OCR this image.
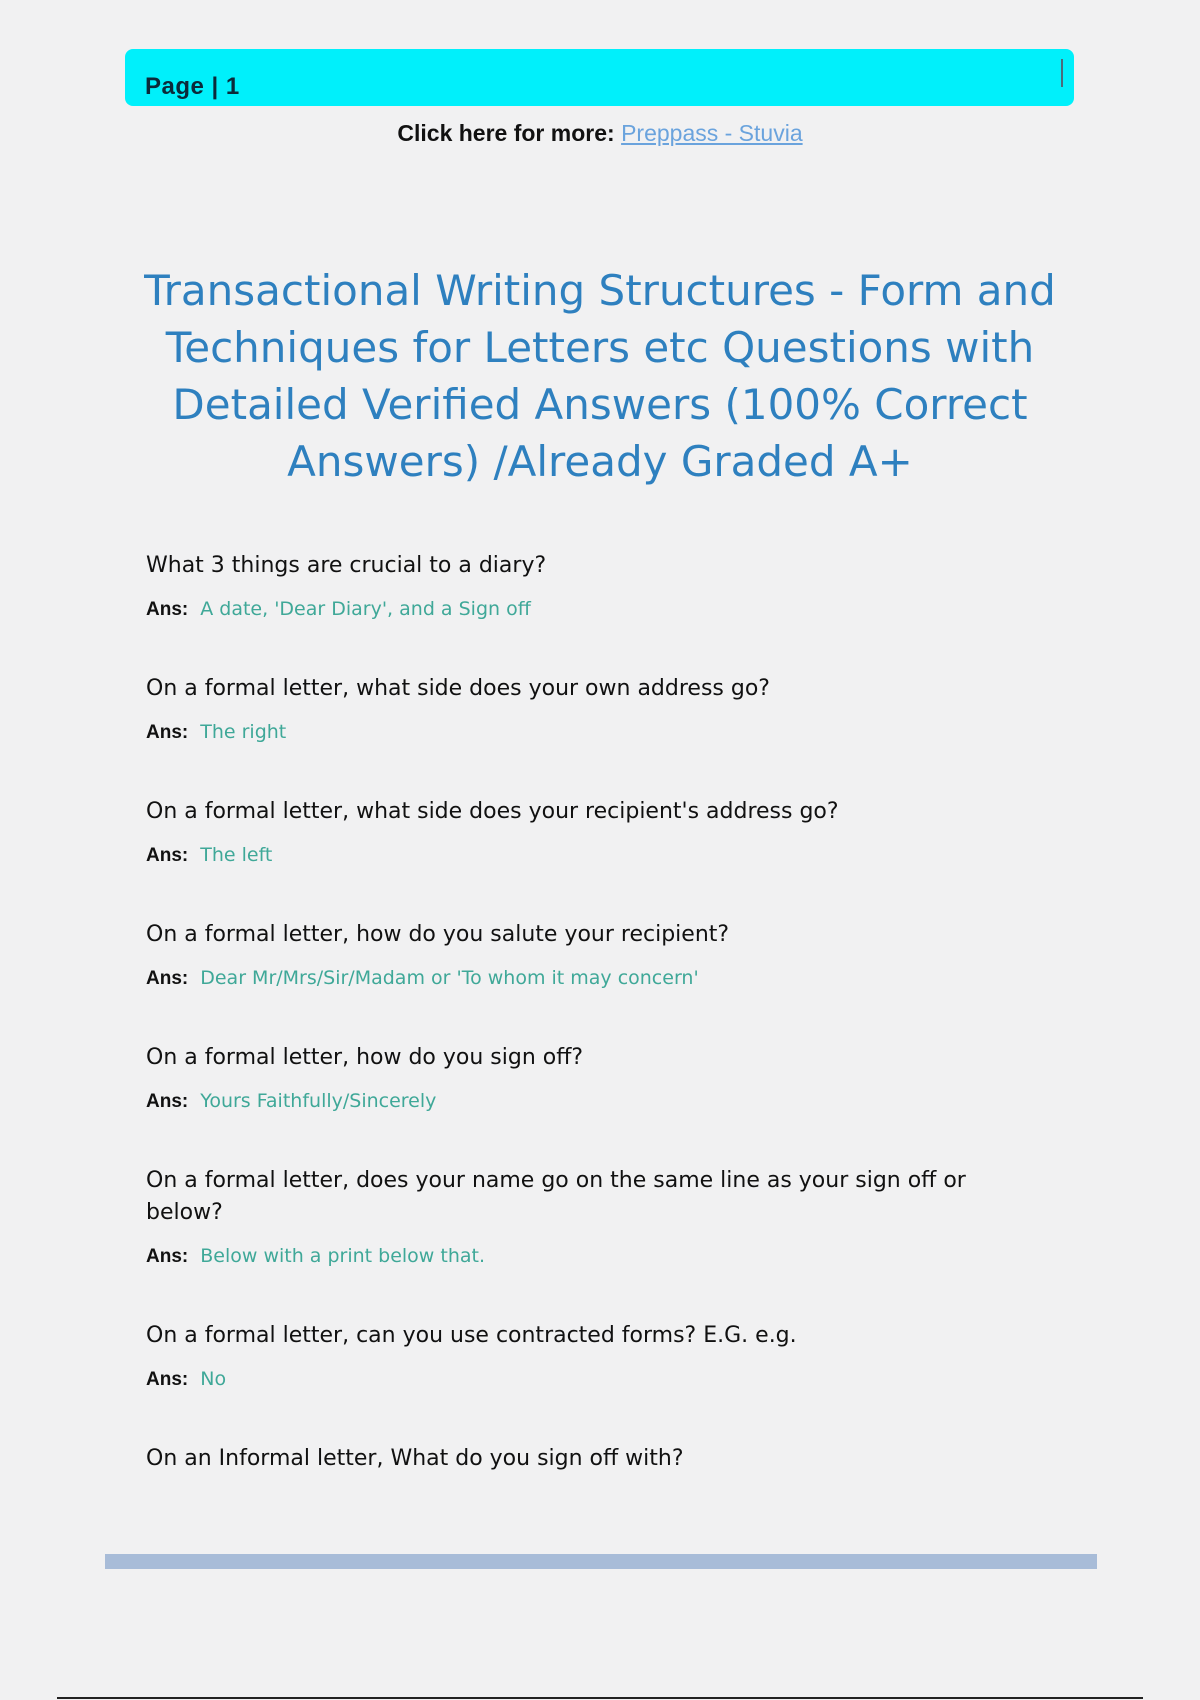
Page | 1
Click here for more: Preppass - Stuvia
Transactional Writing Structures - Form and Techniques for Letters etc Questions with Detailed Verified Answers (100% Correct Answers) /Already Graded A+
What 3 things are crucial to a diary?
Ans: A date, 'Dear Diary', and a Sign off
On a formal letter, what side does your own address go?
Ans: The right
On a formal letter, what side does your recipient's address go?
Ans: The left
On a formal letter, how do you salute your recipient?
Ans: Dear Mr/Mrs/Sir/Madam or 'To whom it may concern'
On a formal letter, how do you sign off?
Ans: Yours Faithfully/Sincerely
On a formal letter, does your name go on the same line as your sign off or below?
Ans: Below with a print below that.
On a formal letter, can you use contracted forms? E.G. e.g.
Ans: No
On an Informal letter, What do you sign off with?
